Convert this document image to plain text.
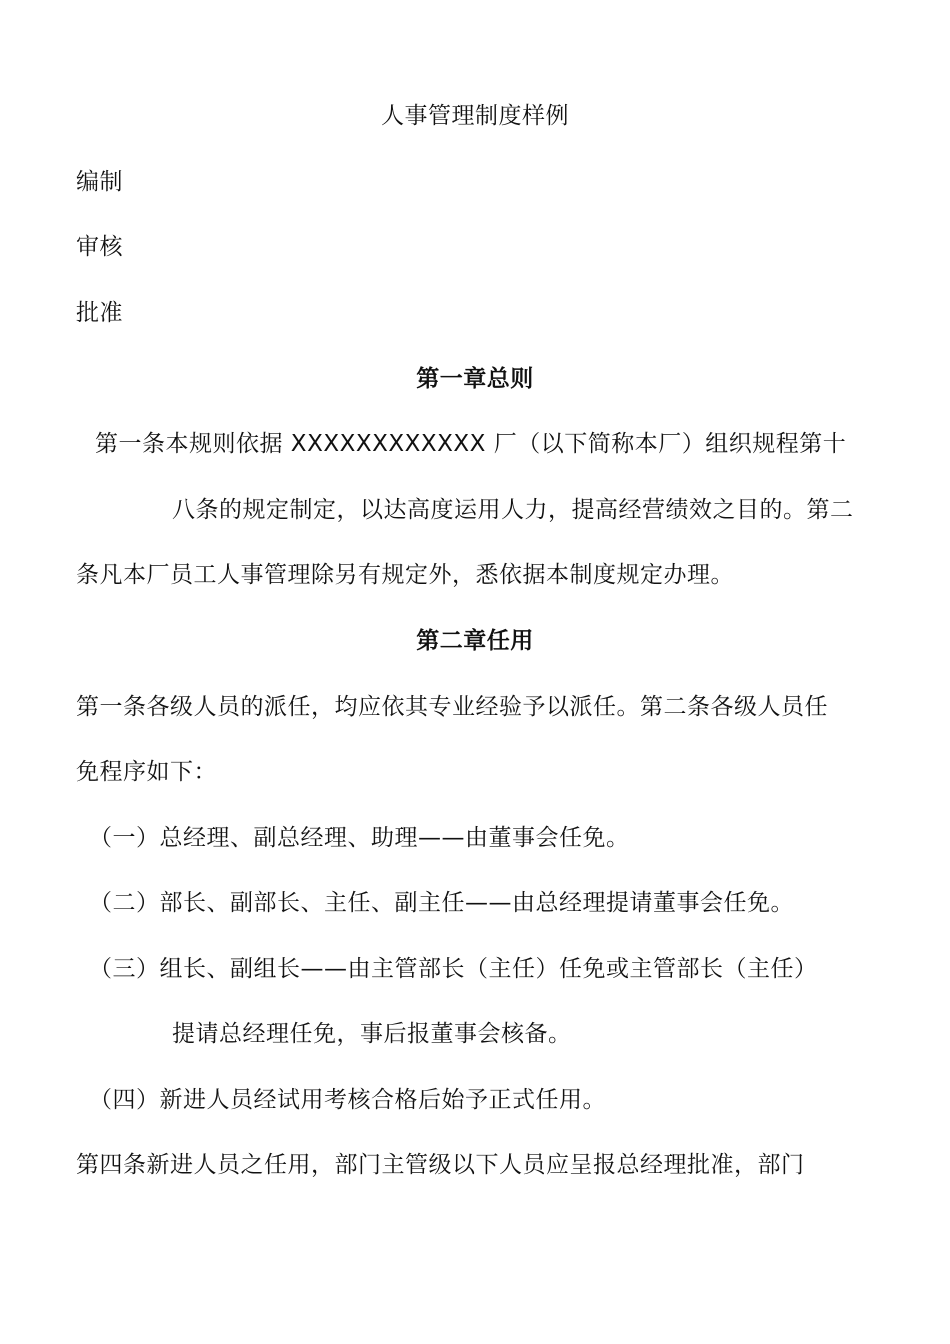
人事管理制度样例
编制
审核
批准
第一章总则
第一条本规则依据 XXXXXXXXXXXX 厂（以下简称本厂）组织规程第十
八条的规定制定，以达高度运用人力，提高经营绩效之目的。第二
条凡本厂员工人事管理除另有规定外，悉依据本制度规定办理。
第二章任用
第一条各级人员的派任，均应依其专业经验予以派任。第二条各级人员任
免程序如下：
（一）总经理、副总经理、助理——由董事会任免。
（二）部长、副部长、主任、副主任——由总经理提请董事会任免。
（三）组长、副组长——由主管部长（主任）任免或主管部长（主任）
提请总经理任免，事后报董事会核备。
（四）新进人员经试用考核合格后始予正式任用。
第四条新进人员之任用，部门主管级以下人员应呈报总经理批准，部门
